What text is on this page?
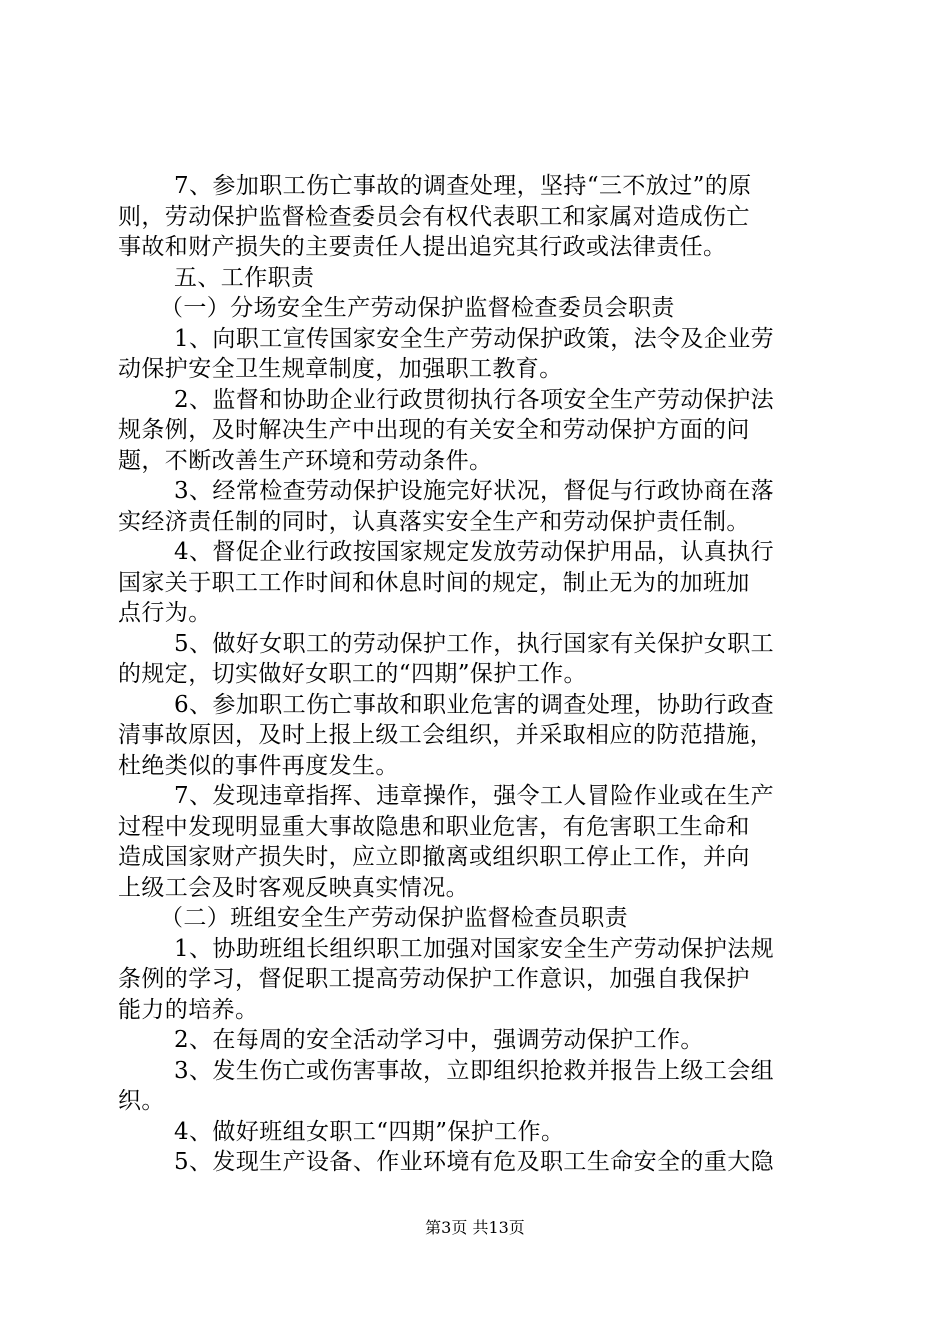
7、参加职工伤亡事故的调查处理，坚持“三不放过”的原
则，劳动保护监督检查委员会有权代表职工和家属对造成伤亡
事故和财产损失的主要责任人提出追究其行政或法律责任。
五、工作职责
（一）分场安全生产劳动保护监督检查委员会职责
1、向职工宣传国家安全生产劳动保护政策，法令及企业劳
动保护安全卫生规章制度，加强职工教育。
2、监督和协助企业行政贯彻执行各项安全生产劳动保护法
规条例，及时解决生产中出现的有关安全和劳动保护方面的问
题，不断改善生产环境和劳动条件。
3、经常检查劳动保护设施完好状况，督促与行政协商在落
实经济责任制的同时，认真落实安全生产和劳动保护责任制。
4、督促企业行政按国家规定发放劳动保护用品，认真执行
国家关于职工工作时间和休息时间的规定，制止无为的加班加
点行为。
5、做好女职工的劳动保护工作，执行国家有关保护女职工
的规定，切实做好女职工的“四期”保护工作。
6、参加职工伤亡事故和职业危害的调查处理，协助行政查
清事故原因，及时上报上级工会组织，并采取相应的防范措施，
杜绝类似的事件再度发生。
7、发现违章指挥、违章操作，强令工人冒险作业或在生产
过程中发现明显重大事故隐患和职业危害，有危害职工生命和
造成国家财产损失时，应立即撤离或组织职工停止工作，并向
上级工会及时客观反映真实情况。
（二）班组安全生产劳动保护监督检查员职责
1、协助班组长组织职工加强对国家安全生产劳动保护法规
条例的学习，督促职工提高劳动保护工作意识，加强自我保护
能力的培养。
2、在每周的安全活动学习中，强调劳动保护工作。
3、发生伤亡或伤害事故，立即组织抢救并报告上级工会组
织。
4、做好班组女职工“四期”保护工作。
5、发现生产设备、作业环境有危及职工生命安全的重大隐
第3页 共13页
